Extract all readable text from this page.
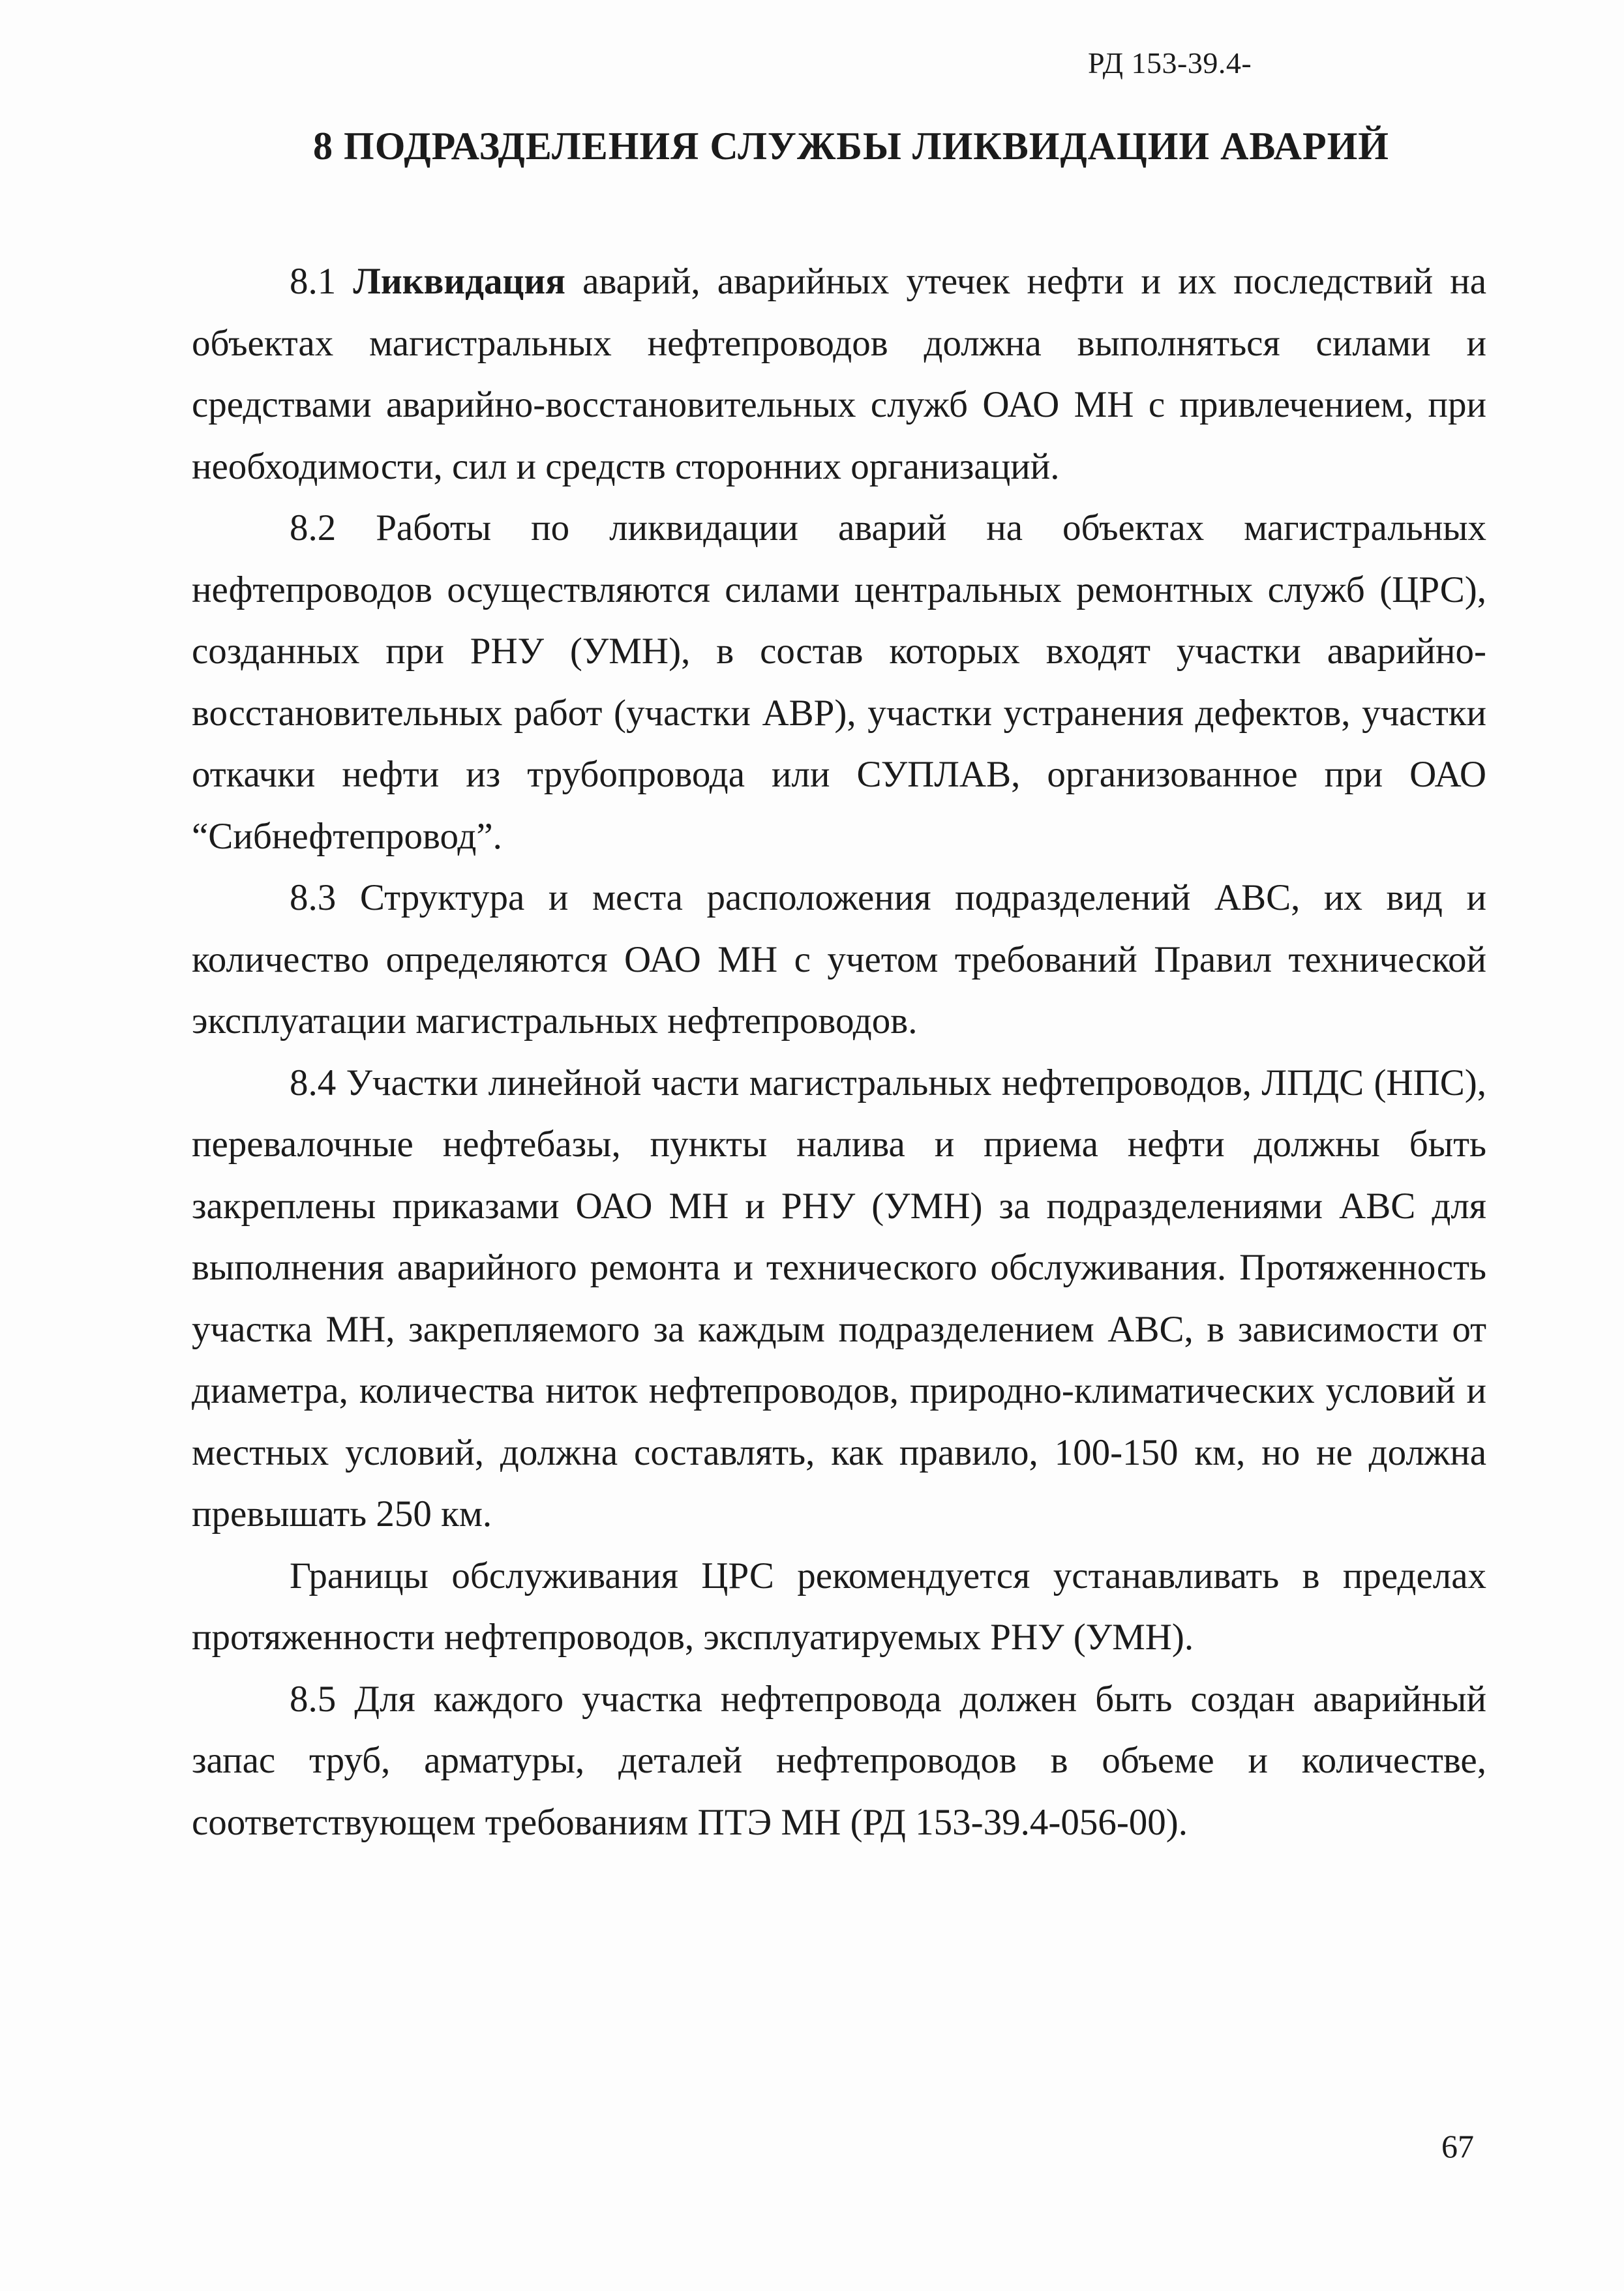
РД 153-39.4-
8 ПОДРАЗДЕЛЕНИЯ СЛУЖБЫ ЛИКВИДАЦИИ АВАРИЙ

8.1 Ликвидация аварий, аварийных утечек нефти и их последствий на объектах магистральных нефтепроводов должна выполняться силами и средствами аварийно-восстановительных служб ОАО МН с привлечением, при необходимости, сил и средств сторонних организаций.

8.2 Работы по ликвидации аварий на объектах магистральных нефтепроводов осуществляются силами центральных ремонтных служб (ЦРС), созданных при РНУ (УМН), в состав которых входят участки аварийно-восстановительных работ (участки АВР), участки устранения дефектов, участки откачки нефти из трубопровода или СУПЛАВ, организованное при ОАО “Сибнефтепровод”.

8.3 Структура и места расположения подразделений АВС, их вид и количество определяются ОАО МН с учетом требований Правил технической эксплуатации магистральных нефтепроводов.

8.4 Участки линейной части магистральных нефтепроводов, ЛПДС (НПС), перевалочные нефтебазы, пункты налива и приема нефти должны быть закреплены приказами ОАО МН и РНУ (УМН) за подразделениями АВС для выполнения аварийного ремонта и технического обслуживания. Протяженность участка МН, закрепляемого за каждым подразделением АВС, в зависимости от диаметра, количества ниток нефтепроводов, природно-климатических условий и местных условий, должна составлять, как правило, 100-150 км, но не должна превышать 250 км.

Границы обслуживания ЦРС рекомендуется устанавливать в пределах протяженности нефтепроводов, эксплуатируемых РНУ (УМН).

8.5 Для каждого участка нефтепровода должен быть создан аварийный запас труб, арматуры, деталей нефтепроводов в объеме и количестве, соответствующем требованиям ПТЭ МН (РД 153-39.4-056-00).

67
